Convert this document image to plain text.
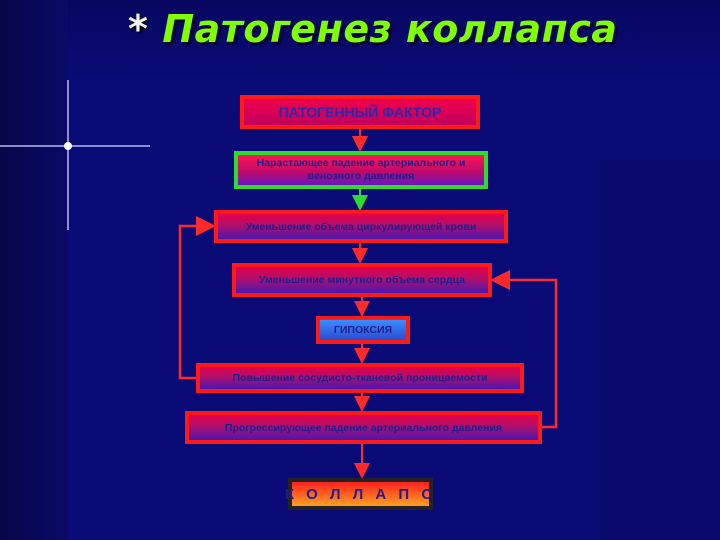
* Патогенез коллапса
ПАТОГЕННЫЙ ФАКТОР
Нарастающее падение артериального и венозного давления
Уменьшение объема циркулирующей крови
Уменьшение минутного объема сердца
ГИПОКСИЯ
Повышение сосудисто-тканевой проницаемости
Прогрессирующее падение артериального давления
К О Л Л А П С
